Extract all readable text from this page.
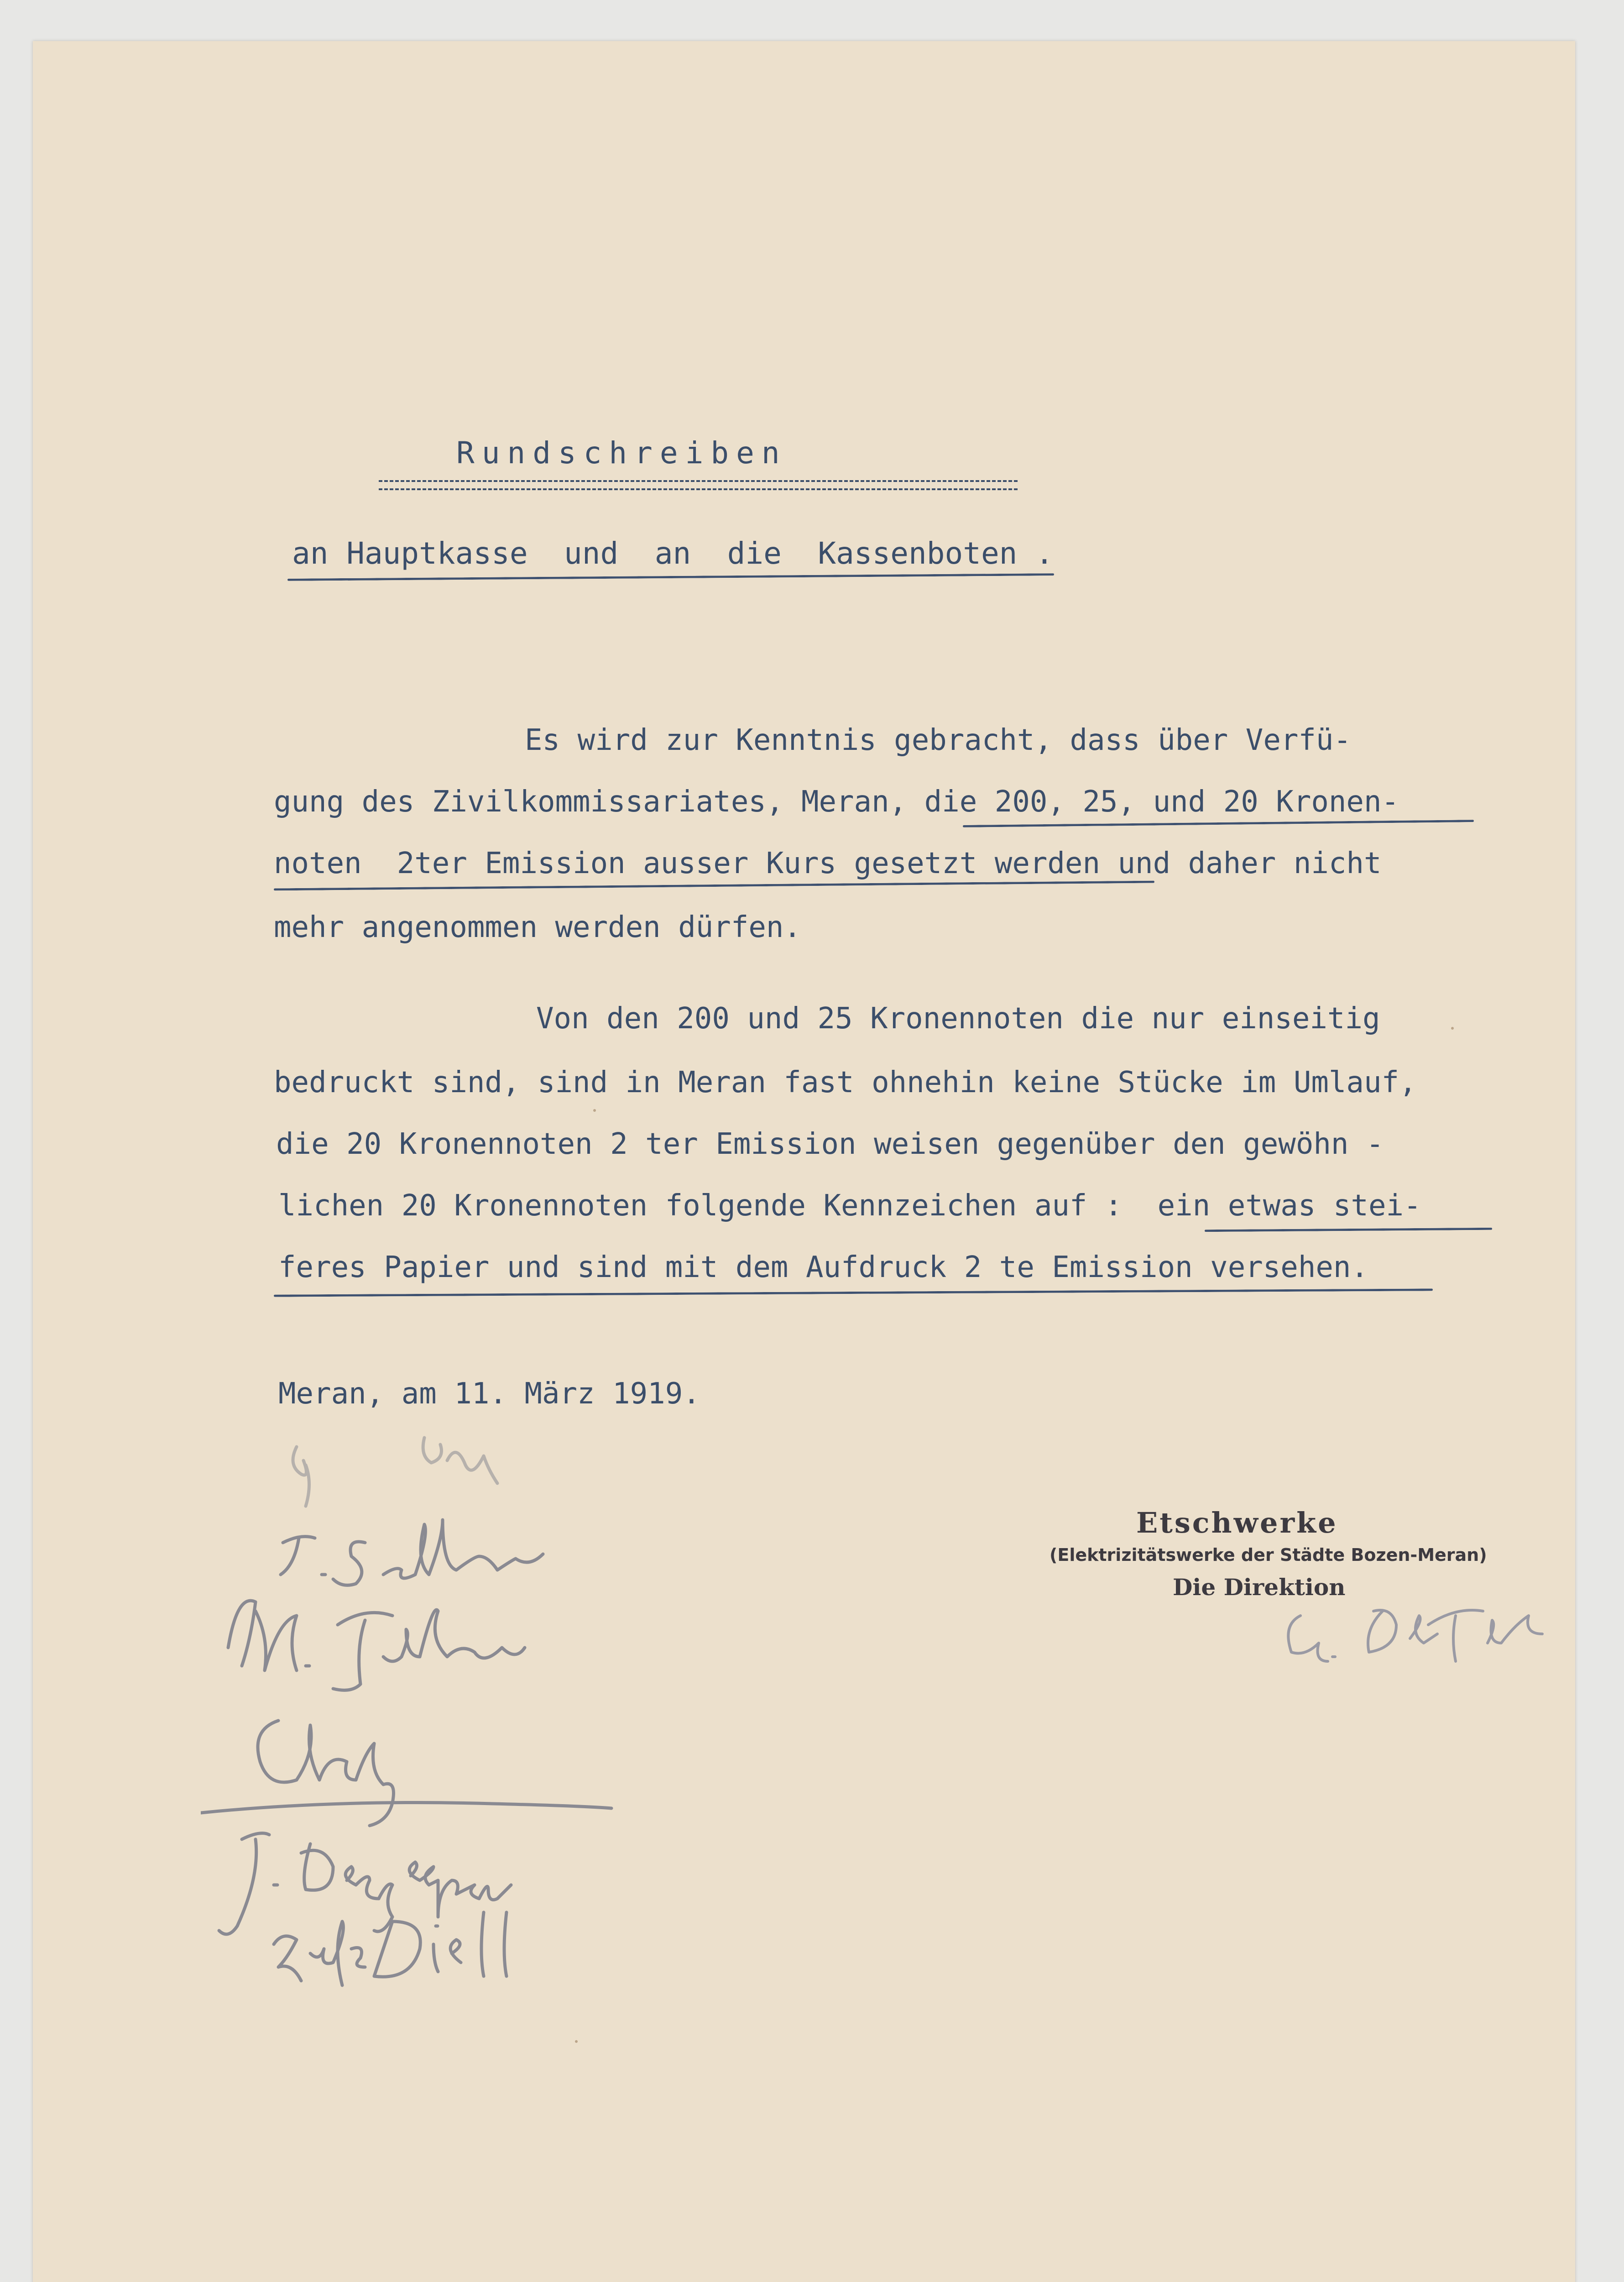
Rundschreiben
an Hauptkasse  und  an  die  Kassenboten .
Es wird zur Kenntnis gebracht, dass über Verfü-
gung des Zivilkommissariates, Meran, die 200, 25, und 20 Kronen-
noten  2ter Emission ausser Kurs gesetzt werden und daher nicht
mehr angenommen werden dürfen.
Von den 200 und 25 Kronennoten die nur einseitig
bedruckt sind, sind in Meran fast ohnehin keine Stücke im Umlauf,
die 20 Kronennoten 2 ter Emission weisen gegenüber den gewöhn -
lichen 20 Kronennoten folgende Kennzeichen auf :  ein etwas stei-
feres Papier und sind mit dem Aufdruck 2 te Emission versehen.
Meran, am 11. März 1919.
Etschwerke
(Elektrizitätswerke der Städte Bozen-Meran)
Die Direktion
